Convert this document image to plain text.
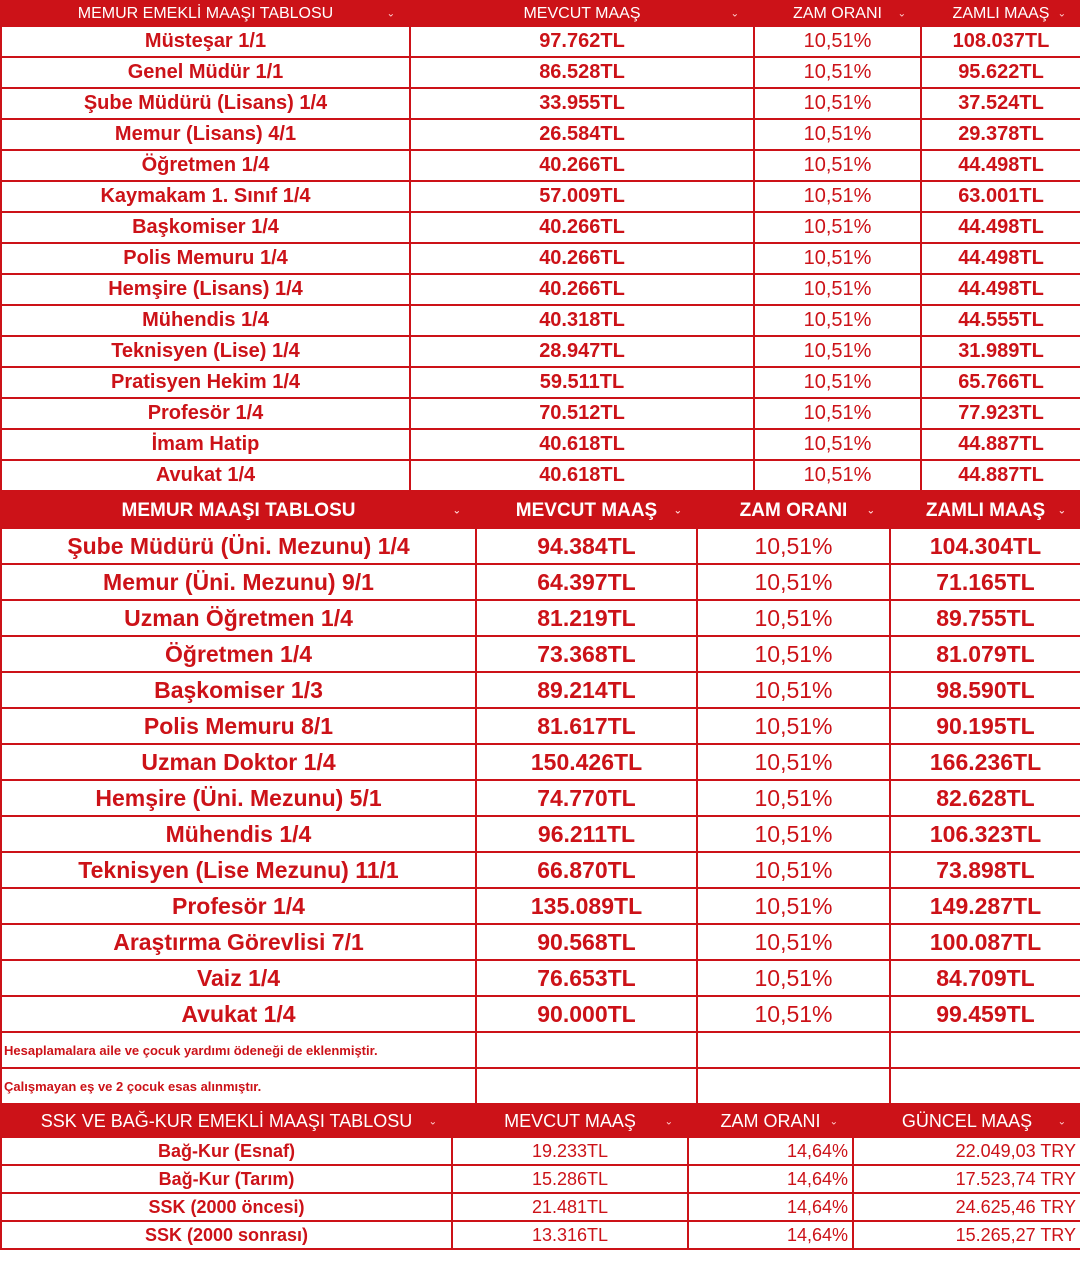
MEMUR EMEKLİ MAAŞI TABLOSU ⌄	MEVCUT MAAŞ ⌄	ZAM ORANI ⌄	ZAMLI MAAŞ ⌄

Müsteşar 1/1	97.762TL	10,51%	108.037TL
Genel Müdür 1/1	86.528TL	10,51%	95.622TL
Şube Müdürü (Lisans) 1/4	33.955TL	10,51%	37.524TL
Memur (Lisans) 4/1	26.584TL	10,51%	29.378TL
Öğretmen 1/4	40.266TL	10,51%	44.498TL
Kaymakam 1. Sınıf 1/4	57.009TL	10,51%	63.001TL
Başkomiser 1/4	40.266TL	10,51%	44.498TL
Polis Memuru 1/4	40.266TL	10,51%	44.498TL
Hemşire (Lisans) 1/4	40.266TL	10,51%	44.498TL
Mühendis 1/4	40.318TL	10,51%	44.555TL
Teknisyen (Lise) 1/4	28.947TL	10,51%	31.989TL
Pratisyen Hekim 1/4	59.511TL	10,51%	65.766TL
Profesör 1/4	70.512TL	10,51%	77.923TL
İmam Hatip	40.618TL	10,51%	44.887TL
Avukat 1/4	40.618TL	10,51%	44.887TL
MEMUR MAAŞI TABLOSU ⌄	MEVCUT MAAŞ ⌄	ZAM ORANI ⌄	ZAMLI MAAŞ ⌄

Şube Müdürü (Üni. Mezunu) 1/4	94.384TL	10,51%	104.304TL
Memur (Üni. Mezunu) 9/1	64.397TL	10,51%	71.165TL
Uzman Öğretmen 1/4	81.219TL	10,51%	89.755TL
Öğretmen 1/4	73.368TL	10,51%	81.079TL
Başkomiser 1/3	89.214TL	10,51%	98.590TL
Polis Memuru 8/1	81.617TL	10,51%	90.195TL
Uzman Doktor 1/4	150.426TL	10,51%	166.236TL
Hemşire (Üni. Mezunu) 5/1	74.770TL	10,51%	82.628TL
Mühendis 1/4	96.211TL	10,51%	106.323TL
Teknisyen (Lise Mezunu) 11/1	66.870TL	10,51%	73.898TL
Profesör 1/4	135.089TL	10,51%	149.287TL
Araştırma Görevlisi 7/1	90.568TL	10,51%	100.087TL
Vaiz 1/4	76.653TL	10,51%	84.709TL
Avukat 1/4	90.000TL	10,51%	99.459TL
Hesaplamalara aile ve çocuk yardımı ödeneği de eklenmiştir.			
Çalışmayan eş ve 2 çocuk esas alınmıştır.			
SSK VE BAĞ-KUR EMEKLİ MAAŞI TABLOSU ⌄	MEVCUT MAAŞ ⌄	ZAM ORANI ⌄	GÜNCEL MAAŞ ⌄

Bağ-Kur (Esnaf)	19.233TL	14,64%	22.049,03 TRY
Bağ-Kur (Tarım)	15.286TL	14,64%	17.523,74 TRY
SSK (2000 öncesi)	21.481TL	14,64%	24.625,46 TRY
SSK (2000 sonrası)	13.316TL	14,64%	15.265,27 TRY
